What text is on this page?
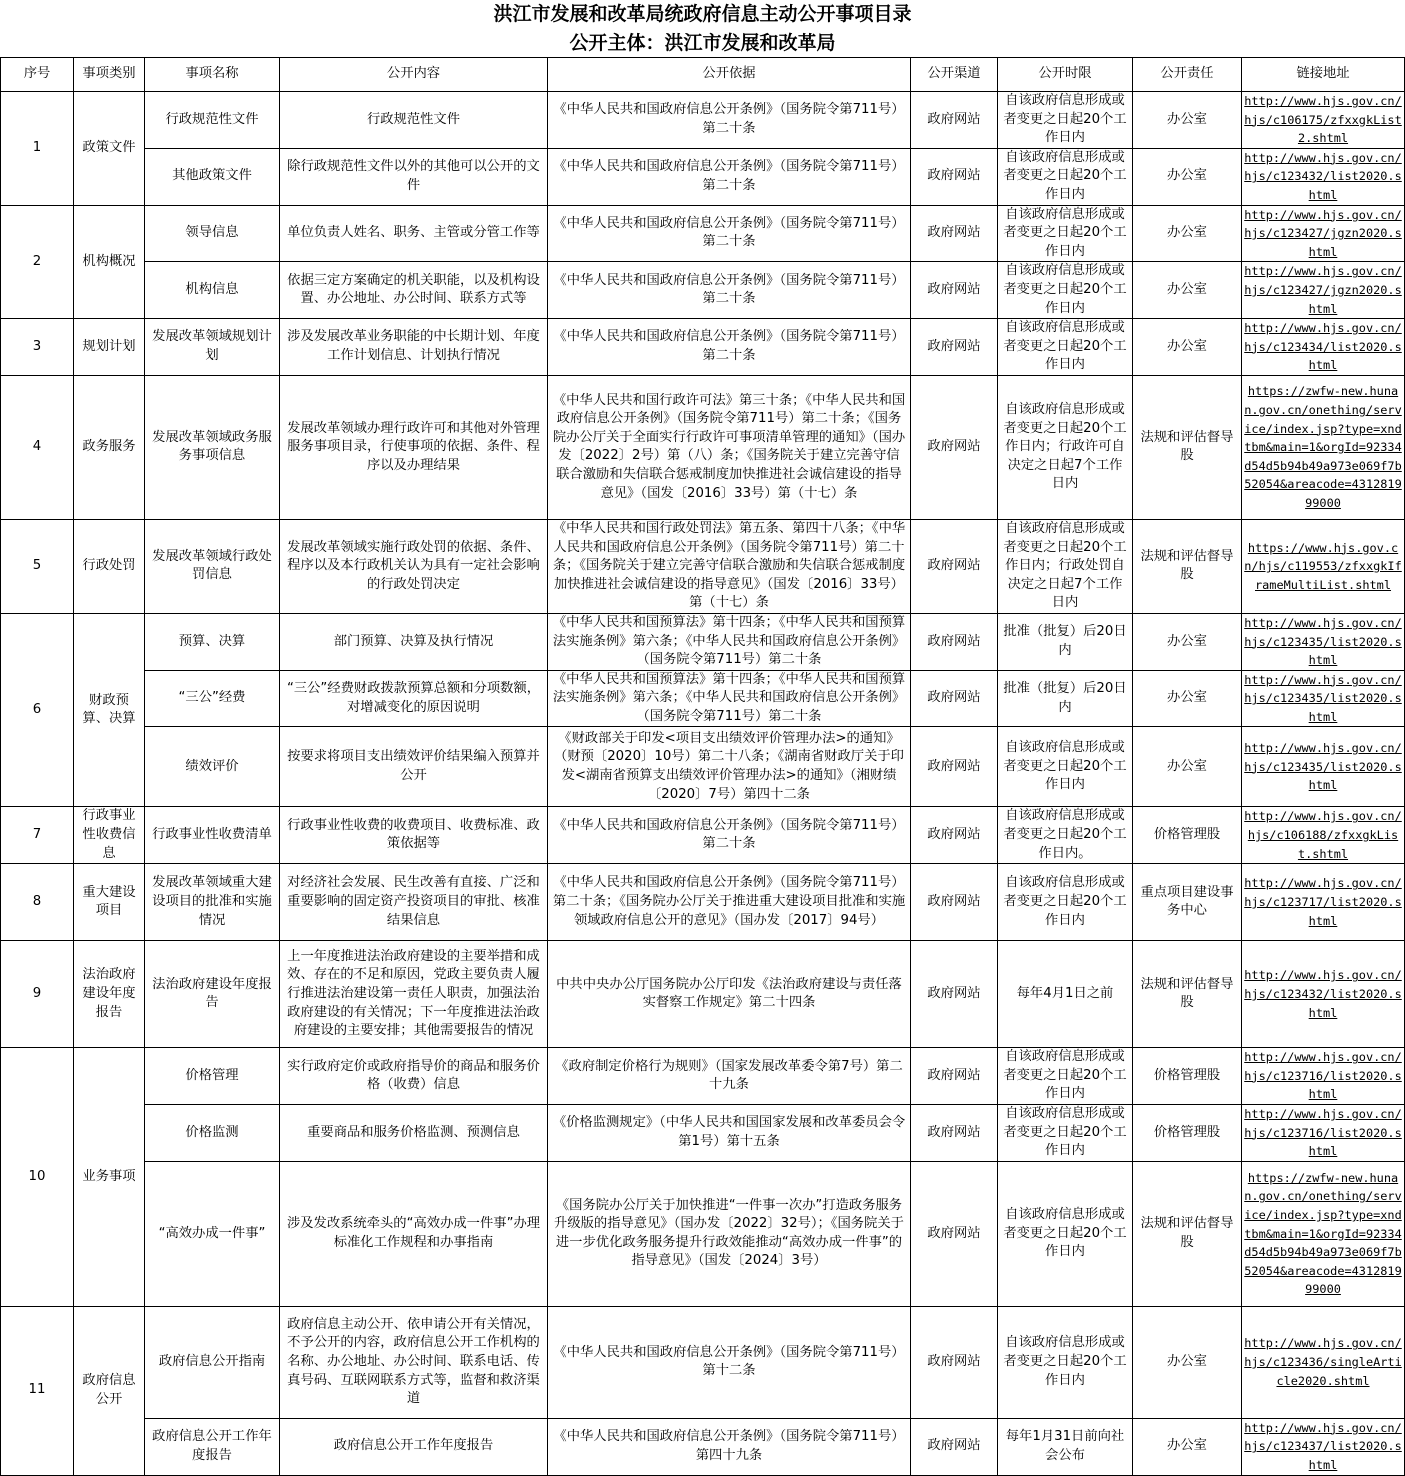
洪江市发展和改革局统政府信息主动公开事项目录
公开主体：洪江市发展和改革局
序号	事项类别	事项名称	公开内容	公开依据	公开渠道	公开时限	公开责任	链接地址
1	政策文件	行政规范性文件	行政规范性文件	《中华人民共和国政府信息公开条例》（国务院令第711号）第二十条	政府网站	自该政府信息形成或者变更之日起20个工作日内	办公室	http://www.hjs.gov.cn/hjs/c106175/zfxxgkList2.shtml
		其他政策文件	除行政规范性文件以外的其他可以公开的文件	《中华人民共和国政府信息公开条例》（国务院令第711号）第二十条	政府网站	自该政府信息形成或者变更之日起20个工作日内	办公室	http://www.hjs.gov.cn/hjs/c123432/list2020.shtml
2	机构概况	领导信息	单位负责人姓名、职务、主管或分管工作等	《中华人民共和国政府信息公开条例》（国务院令第711号）第二十条	政府网站	自该政府信息形成或者变更之日起20个工作日内	办公室	http://www.hjs.gov.cn/hjs/c123427/jgzn2020.shtml
		机构信息	依据三定方案确定的机关职能，以及机构设置、办公地址、办公时间、联系方式等	《中华人民共和国政府信息公开条例》（国务院令第711号）第二十条	政府网站	自该政府信息形成或者变更之日起20个工作日内	办公室	http://www.hjs.gov.cn/hjs/c123427/jgzn2020.shtml
3	规划计划	发展改革领域规划计划	涉及发展改革业务职能的中长期计划、年度工作计划信息、计划执行情况	《中华人民共和国政府信息公开条例》（国务院令第711号）第二十条	政府网站	自该政府信息形成或者变更之日起20个工作日内	办公室	http://www.hjs.gov.cn/hjs/c123434/list2020.shtml
4	政务服务	发展改革领域政务服务事项信息	发展改革领域办理行政许可和其他对外管理服务事项目录，行使事项的依据、条件、程序以及办理结果	《中华人民共和国行政许可法》第三十条；《中华人民共和国政府信息公开条例》（国务院令第711号）第二十条；《国务院办公厅关于全面实行行政许可事项清单管理的通知》（国办发〔2022〕2号）第（八）条；《国务院关于建立完善守信联合激励和失信联合惩戒制度加快推进社会诚信建设的指导意见》（国发〔2016〕33号）第（十七）条	政府网站	自该政府信息形成或者变更之日起20个工作日内；行政许可自决定之日起7个工作日内	法规和评估督导股	https://zwfw-new.hunan.gov.cn/onething/service/index.jsp?type=xndtbm&main=1&orgId=92334d54d5b94b49a973e069f7b52054&areacode=431281999000
5	行政处罚	发展改革领域行政处罚信息	发展改革领域实施行政处罚的依据、条件、程序以及本行政机关认为具有一定社会影响的行政处罚决定	《中华人民共和国行政处罚法》第五条、第四十八条；《中华人民共和国政府信息公开条例》（国务院令第711号）第二十条；《国务院关于建立完善守信联合激励和失信联合惩戒制度加快推进社会诚信建设的指导意见》（国发〔2016〕33号）第（十七）条	政府网站	自该政府信息形成或者变更之日起20个工作日内；行政处罚自决定之日起7个工作日内	法规和评估督导股	https://www.hjs.gov.cn/hjs/c119553/zfxxgkIframeMultiList.shtml
6	财政预算、决算	预算、决算	部门预算、决算及执行情况	《中华人民共和国预算法》第十四条；《中华人民共和国预算法实施条例》第六条；《中华人民共和国政府信息公开条例》（国务院令第711号）第二十条	政府网站	批准（批复）后20日内	办公室	http://www.hjs.gov.cn/hjs/c123435/list2020.shtml
		“三公”经费	“三公”经费财政拨款预算总额和分项数额，对增减变化的原因说明	《中华人民共和国预算法》第十四条；《中华人民共和国预算法实施条例》第六条；《中华人民共和国政府信息公开条例》（国务院令第711号）第二十条	政府网站	批准（批复）后20日内	办公室	http://www.hjs.gov.cn/hjs/c123435/list2020.shtml
		绩效评价	按要求将项目支出绩效评价结果编入预算并公开	《财政部关于印发<项目支出绩效评价管理办法>的通知》（财预〔2020〕10号）第二十八条；《湖南省财政厅关于印发<湖南省预算支出绩效评价管理办法>的通知》（湘财绩〔2020〕7号）第四十二条	政府网站	自该政府信息形成或者变更之日起20个工作日内	办公室	http://www.hjs.gov.cn/hjs/c123435/list2020.shtml
7	行政事业性收费信息	行政事业性收费清单	行政事业性收费的收费项目、收费标准、政策依据等	《中华人民共和国政府信息公开条例》（国务院令第711号）第二十条	政府网站	自该政府信息形成或者变更之日起20个工作日内。	价格管理股	http://www.hjs.gov.cn/hjs/c106188/zfxxgkList.shtml
8	重大建设项目	发展改革领域重大建设项目的批准和实施情况	对经济社会发展、民生改善有直接、广泛和重要影响的固定资产投资项目的审批、核准结果信息	《中华人民共和国政府信息公开条例》（国务院令第711号）第二十条；《国务院办公厅关于推进重大建设项目批准和实施领域政府信息公开的意见》（国办发〔2017〕94号）	政府网站	自该政府信息形成或者变更之日起20个工作日内	重点项目建设事务中心	http://www.hjs.gov.cn/hjs/c123717/list2020.shtml
9	法治政府建设年度报告	法治政府建设年度报告	上一年度推进法治政府建设的主要举措和成效、存在的不足和原因，党政主要负责人履行推进法治建设第一责任人职责，加强法治政府建设的有关情况；下一年度推进法治政府建设的主要安排；其他需要报告的情况	中共中央办公厅国务院办公厅印发《法治政府建设与责任落实督察工作规定》第二十四条	政府网站	每年4月1日之前	法规和评估督导股	http://www.hjs.gov.cn/hjs/c123432/list2020.shtml
10	业务事项	价格管理	实行政府定价或政府指导价的商品和服务价格（收费）信息	《政府制定价格行为规则》（国家发展改革委令第7号）第二十九条	政府网站	自该政府信息形成或者变更之日起20个工作日内	价格管理股	http://www.hjs.gov.cn/hjs/c123716/list2020.shtml
		价格监测	重要商品和服务价格监测、预测信息	《价格监测规定》（中华人民共和国国家发展和改革委员会令第1号）第十五条	政府网站	自该政府信息形成或者变更之日起20个工作日内	价格管理股	http://www.hjs.gov.cn/hjs/c123716/list2020.shtml
		“高效办成一件事”	涉及发改系统牵头的“高效办成一件事”办理标准化工作规程和办事指南	《国务院办公厅关于加快推进“一件事一次办”打造政务服务升级版的指导意见》（国办发〔2022〕32号）；《国务院关于进一步优化政务服务提升行政效能推动“高效办成一件事”的指导意见》（国发〔2024〕3号）	政府网站	自该政府信息形成或者变更之日起20个工作日内	法规和评估督导股	https://zwfw-new.hunan.gov.cn/onething/service/index.jsp?type=xndtbm&main=1&orgId=92334d54d5b94b49a973e069f7b52054&areacode=431281999000
11	政府信息公开	政府信息公开指南	政府信息主动公开、依申请公开有关情况，不予公开的内容，政府信息公开工作机构的名称、办公地址、办公时间、联系电话、传真号码、互联网联系方式等，监督和救济渠道	《中华人民共和国政府信息公开条例》（国务院令第711号）第十二条	政府网站	自该政府信息形成或者变更之日起20个工作日内	办公室	http://www.hjs.gov.cn/hjs/c123436/singleArticle2020.shtml
		政府信息公开工作年度报告	政府信息公开工作年度报告	《中华人民共和国政府信息公开条例》（国务院令第711号）第四十九条	政府网站	每年1月31日前向社会公布	办公室	http://www.hjs.gov.cn/hjs/c123437/list2020.shtml
